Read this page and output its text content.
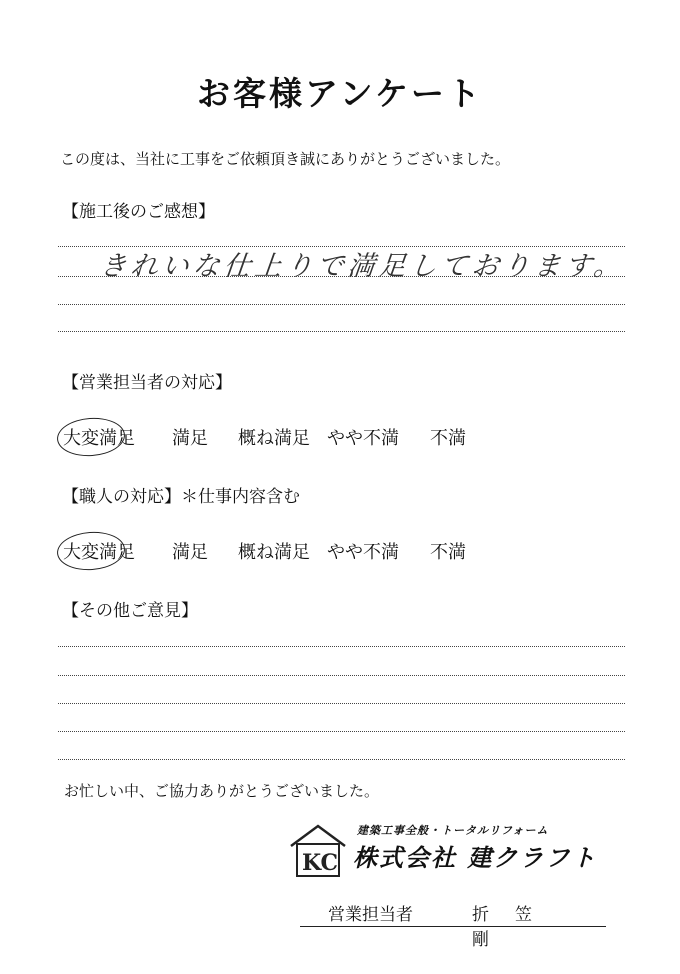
お客様アンケート
この度は、当社に工事をご依頼頂き誠にありがとうございました。
【施工後のご感想】
きれいな仕上りで満足しております。
【営業担当者の対応】
大変満足 満足 概ね満足 やや不満 不満
【職人の対応】＊仕事内容含む
大変満足 満足 概ね満足 やや不満 不満
【その他ご意見】
お忙しい中、ご協力ありがとうございました。
KC
建築工事全般・トータルリフォーム
株式会社 建クラフト
営業担当者	折笠 剛
